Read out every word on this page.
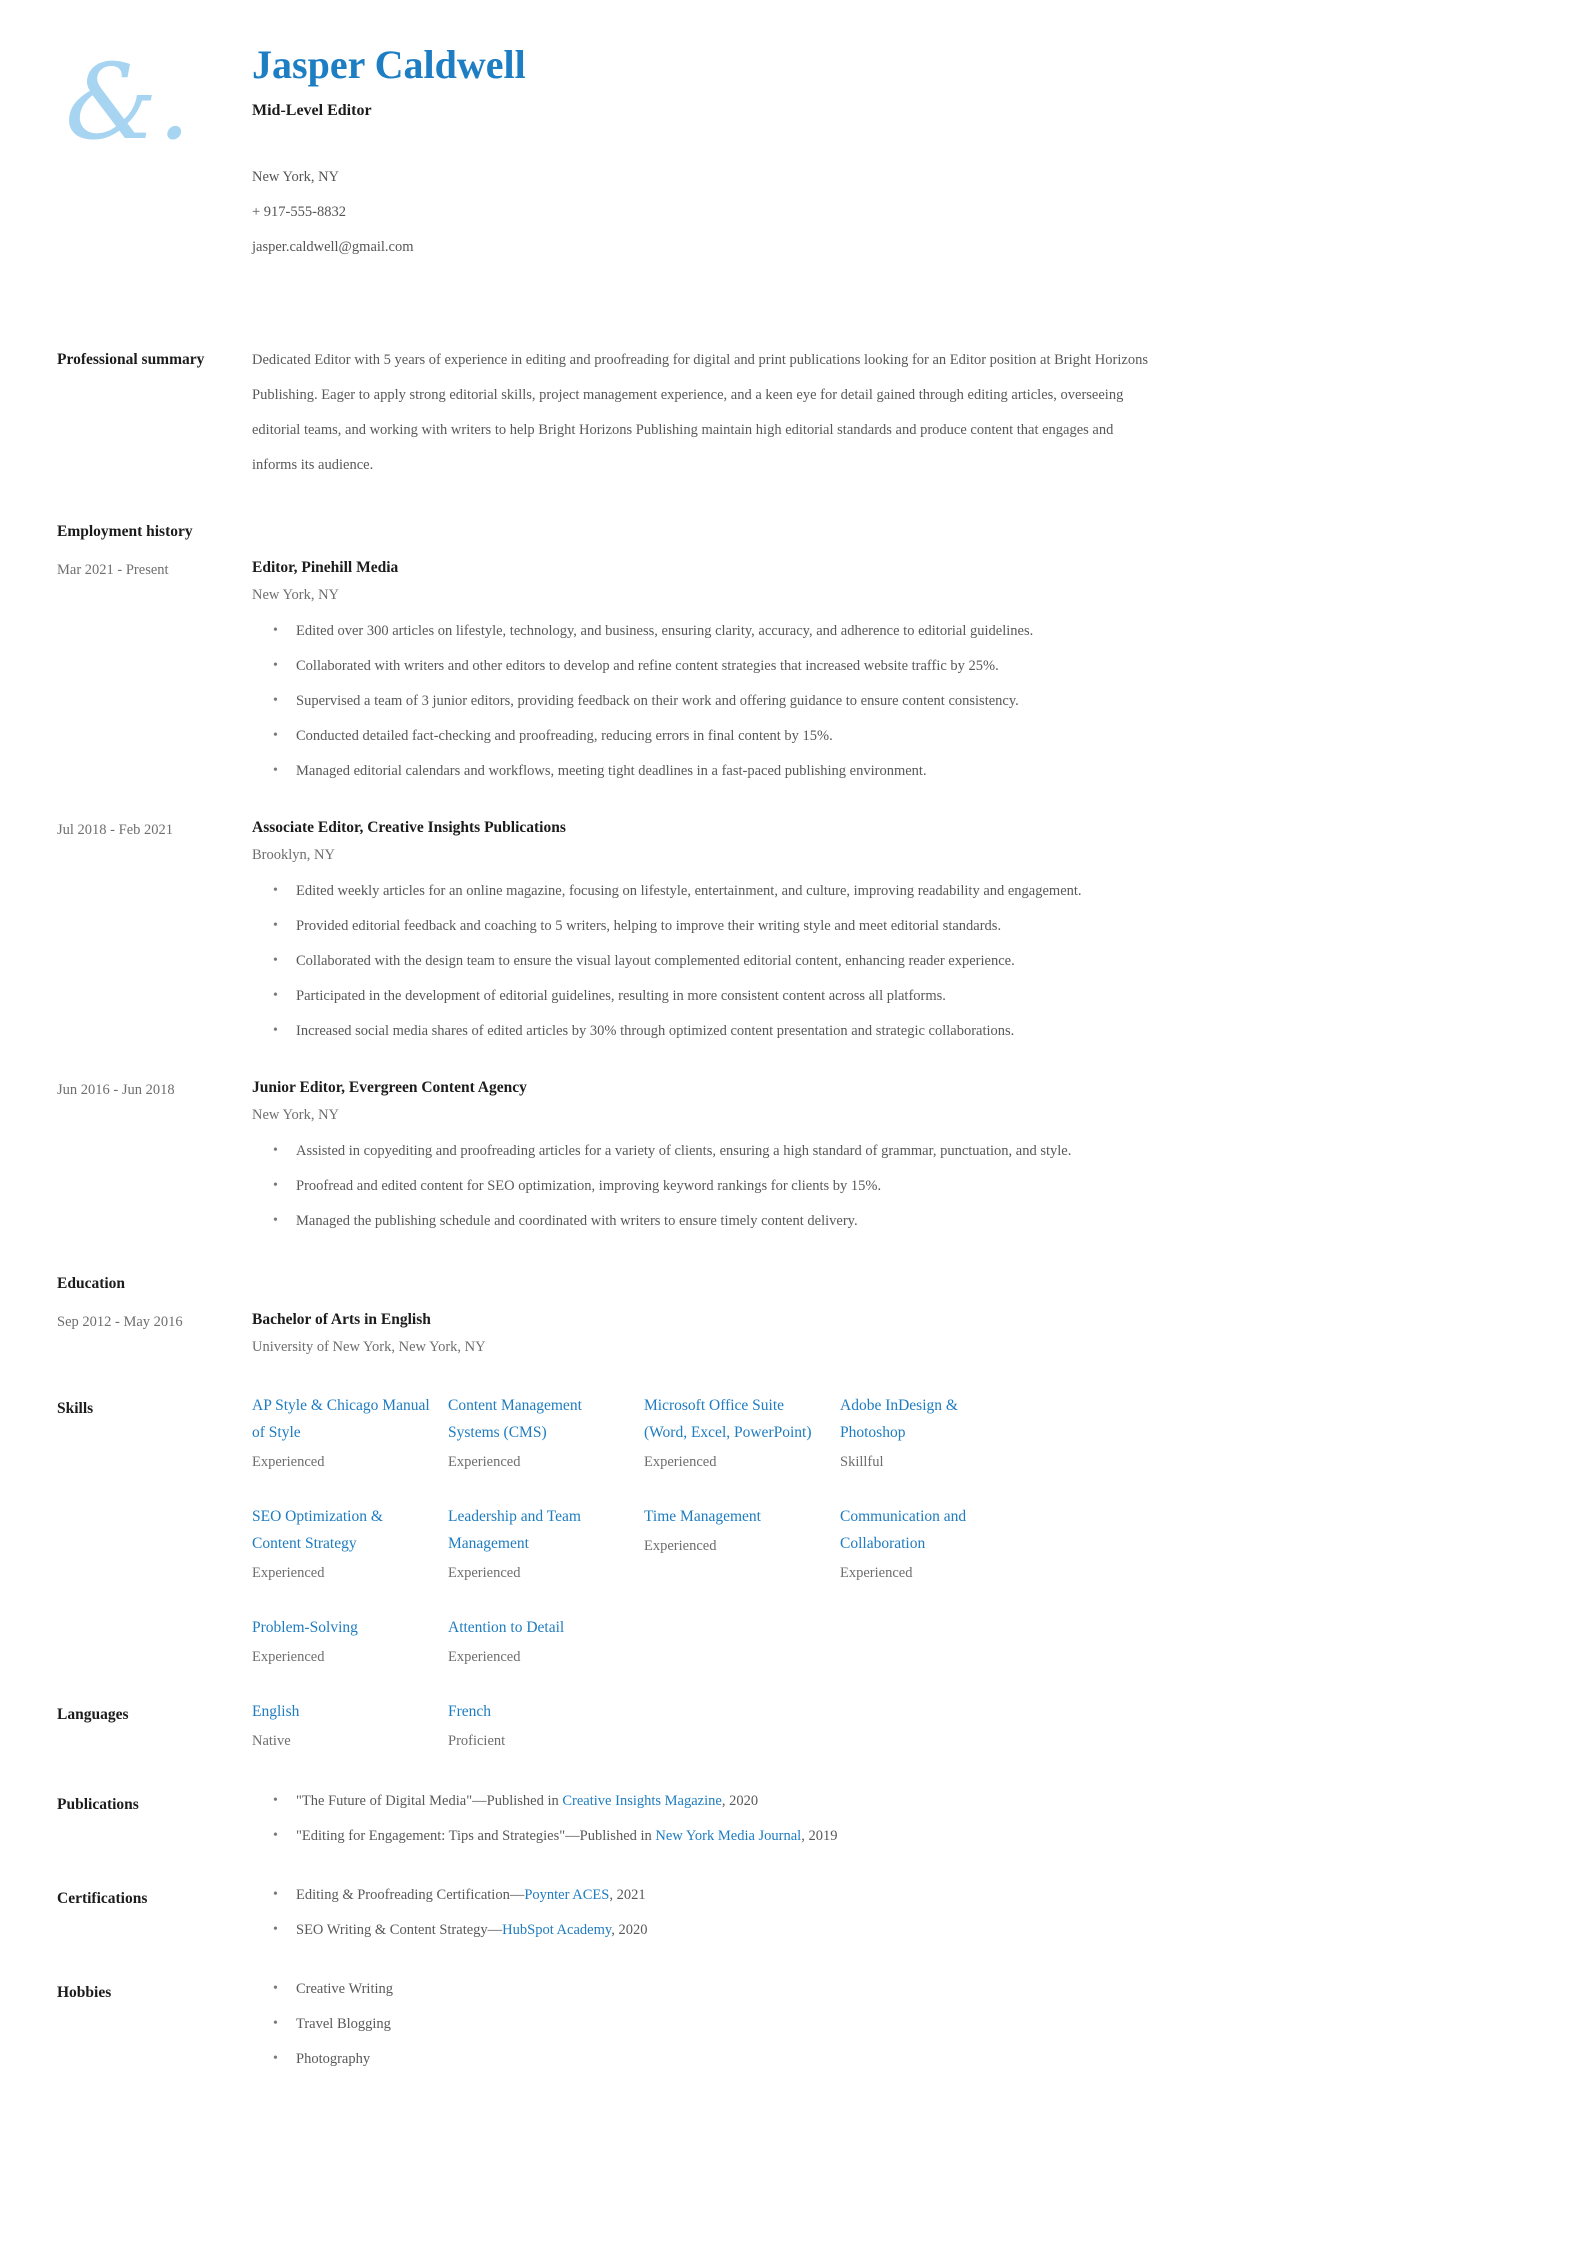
&.	Jasper Caldwell
Mid-Level Editor
New York, NY
+ 917-555-8832
jasper.caldwell@gmail.com
Professional summary	Dedicated Editor with 5 years of experience in editing and proofreading for digital and print publications looking for an Editor position at Bright Horizons Publishing. Eager to apply strong editorial skills, project management experience, and a keen eye for detail gained through editing articles, overseeing editorial teams, and working with writers to help Bright Horizons Publishing maintain high editorial standards and produce content that engages and informs its audience.

Employment history
Mar 2021 - Present	Editor, Pinehill Media
New York, NY
• Edited over 300 articles on lifestyle, technology, and business, ensuring clarity, accuracy, and adherence to editorial guidelines.
• Collaborated with writers and other editors to develop and refine content strategies that increased website traffic by 25%.
• Supervised a team of 3 junior editors, providing feedback on their work and offering guidance to ensure content consistency.
• Conducted detailed fact-checking and proofreading, reducing errors in final content by 15%.
• Managed editorial calendars and workflows, meeting tight deadlines in a fast-paced publishing environment.
Jul 2018 - Feb 2021	Associate Editor, Creative Insights Publications
Brooklyn, NY
• Edited weekly articles for an online magazine, focusing on lifestyle, entertainment, and culture, improving readability and engagement.
• Provided editorial feedback and coaching to 5 writers, helping to improve their writing style and meet editorial standards.
• Collaborated with the design team to ensure the visual layout complemented editorial content, enhancing reader experience.
• Participated in the development of editorial guidelines, resulting in more consistent content across all platforms.
• Increased social media shares of edited articles by 30% through optimized content presentation and strategic collaborations.
Jun 2016 - Jun 2018	Junior Editor, Evergreen Content Agency
New York, NY
• Assisted in copyediting and proofreading articles for a variety of clients, ensuring a high standard of grammar, punctuation, and style.
• Proofread and edited content for SEO optimization, improving keyword rankings for clients by 15%.
• Managed the publishing schedule and coordinated with writers to ensure timely content delivery.
Education
Sep 2012 - May 2016	Bachelor of Arts in English
University of New York, New York, NY
Skills	AP Style & Chicago Manual of Style
Experienced
Content Management Systems (CMS)
Experienced
Microsoft Office Suite (Word, Excel, PowerPoint)
Experienced
Adobe InDesign & Photoshop
Skillful
SEO Optimization & Content Strategy
Experienced
Leadership and Team Management
Experienced
Time Management
Experienced
Communication and Collaboration
Experienced
Problem-Solving
Experienced
Attention to Detail
Experienced
Languages	English
Native
French
Proficient
Publications	• "The Future of Digital Media"—Published in Creative Insights Magazine, 2020
• "Editing for Engagement: Tips and Strategies"—Published in New York Media Journal, 2019
Certifications	• Editing & Proofreading Certification—Poynter ACES, 2021
• SEO Writing & Content Strategy—HubSpot Academy, 2020
Hobbies	• Creative Writing
• Travel Blogging
• Photography
